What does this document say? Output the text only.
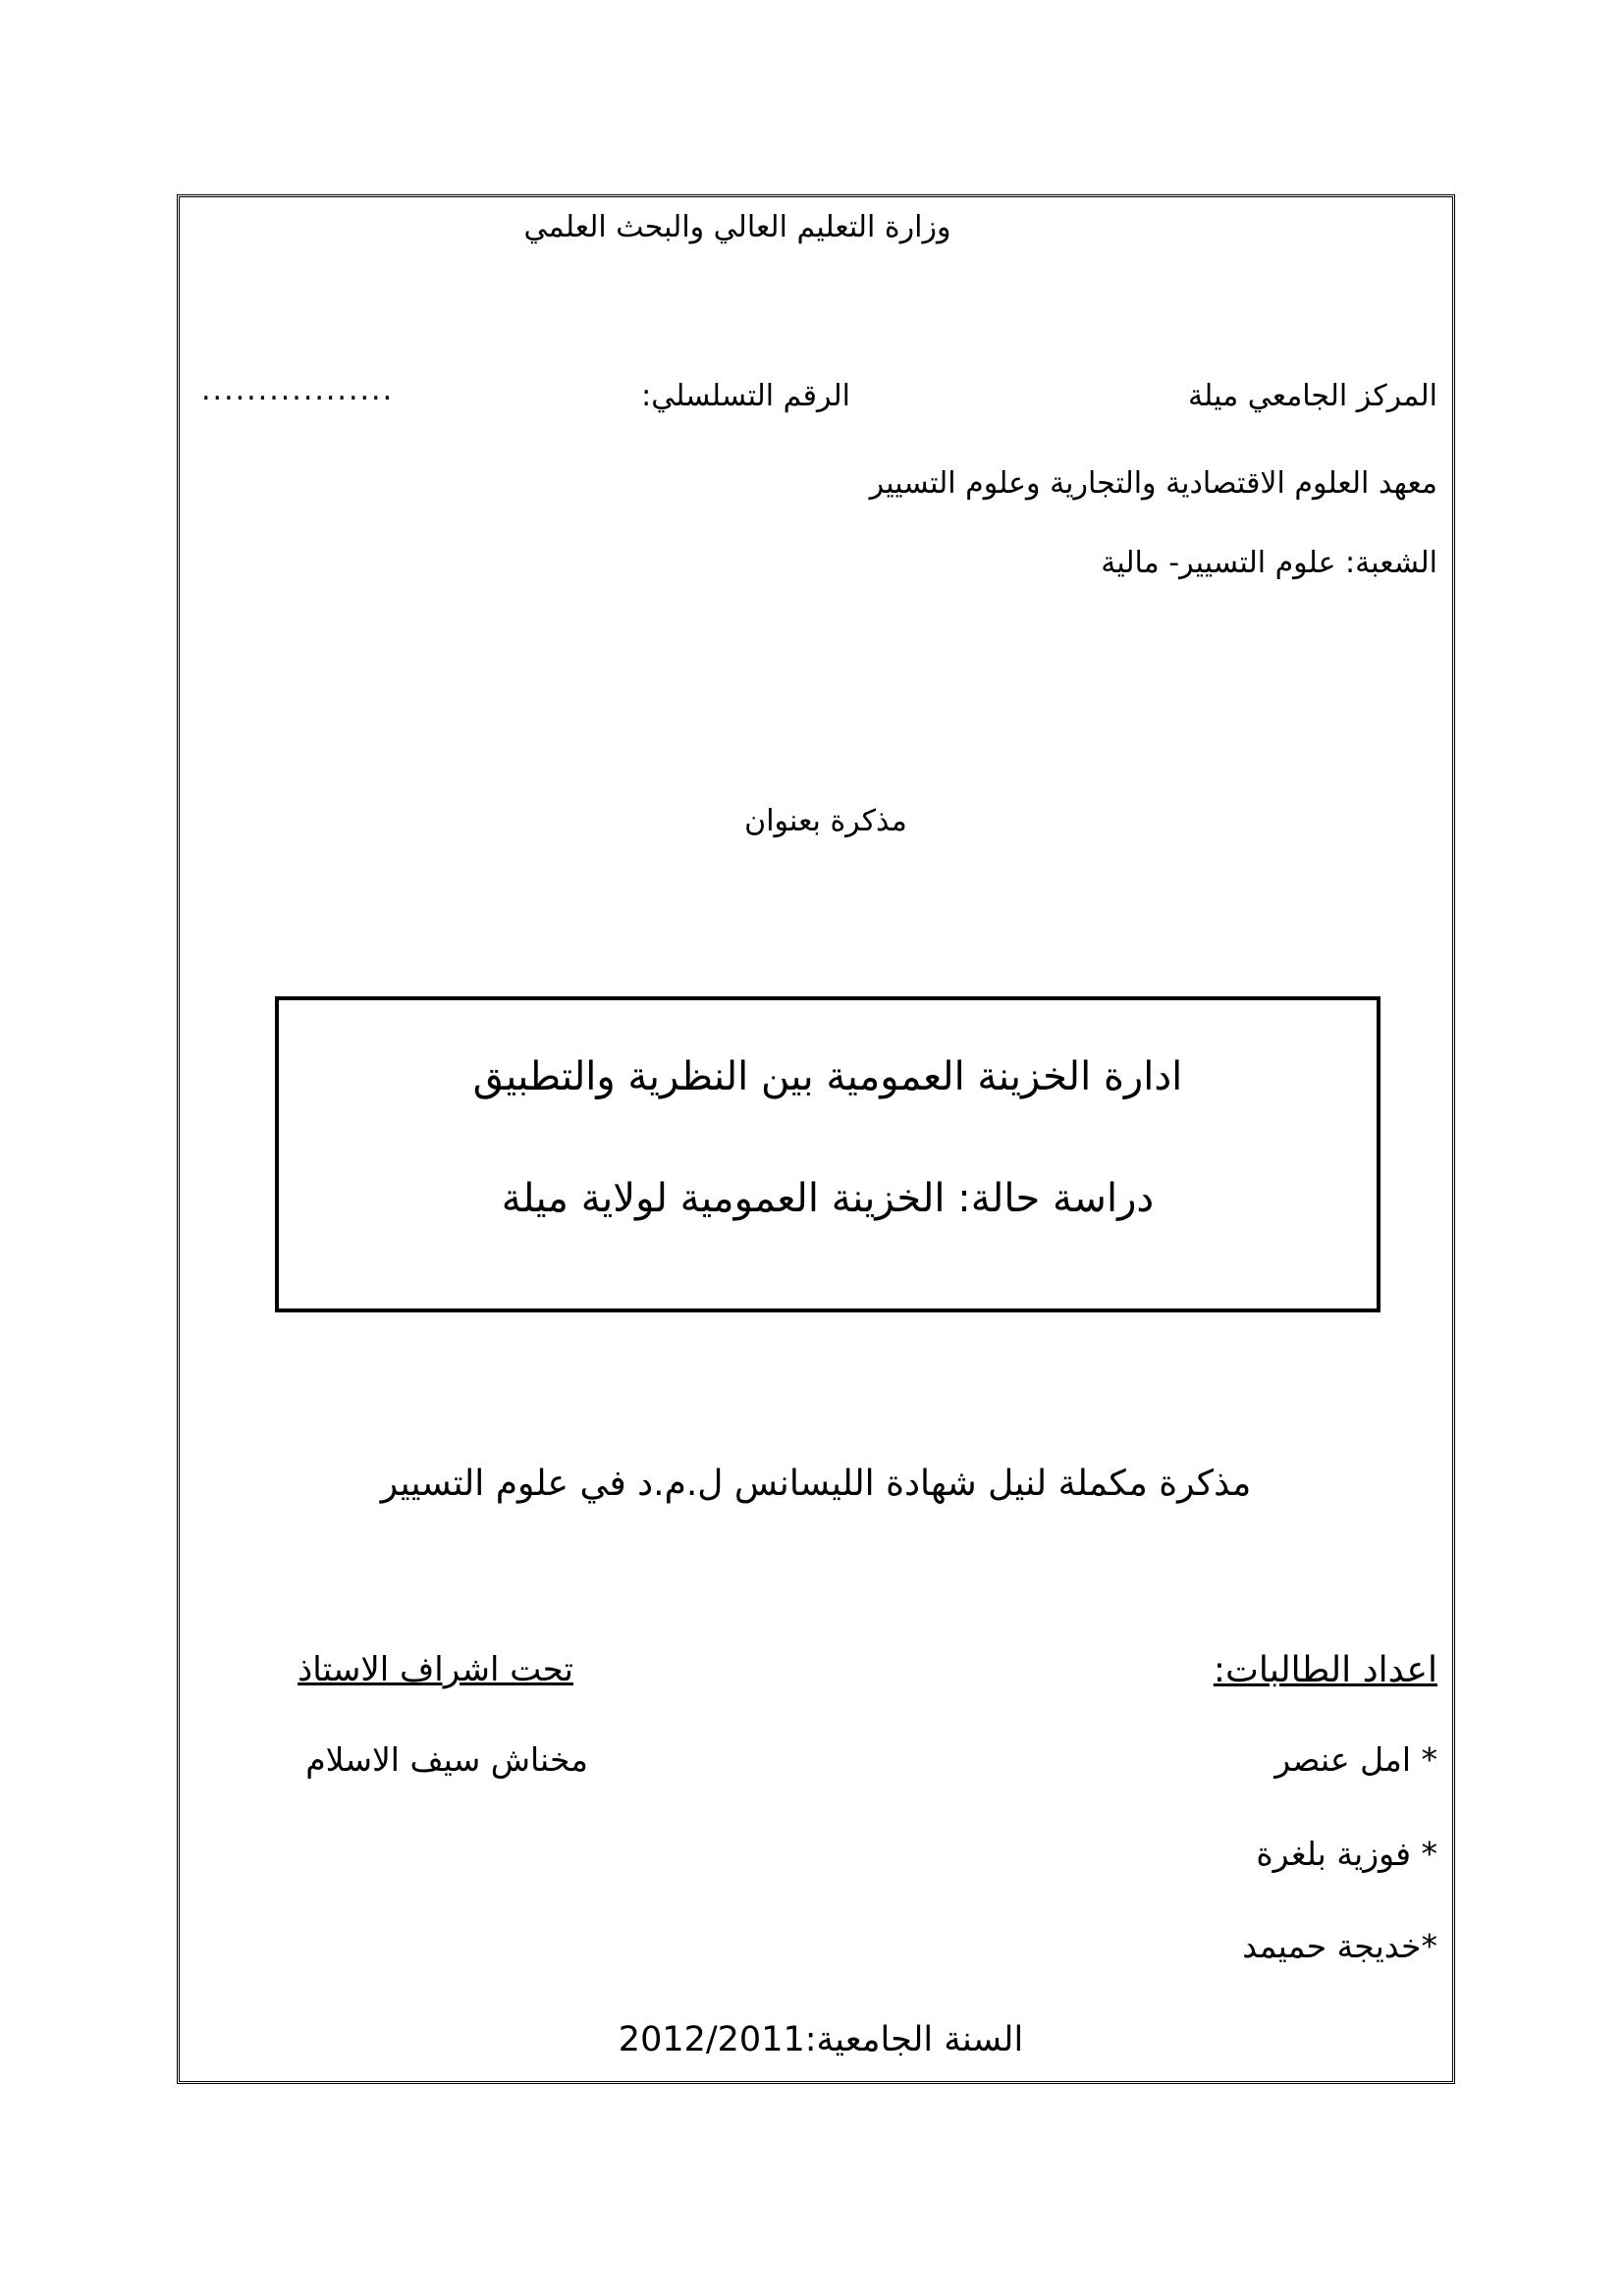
وزارة التعليم العالي والبحث العلمي
المركز الجامعي ميلة
الرقم التسلسلي:
.................
معهد العلوم الاقتصادية والتجارية وعلوم التسيير
الشعبة: علوم التسيير- مالية
مذكرة بعنوان
ادارة الخزينة العمومية بين النظرية والتطبيق
دراسة حالة: الخزينة العمومية لولاية ميلة
مذكرة مكملة لنيل شهادة الليسانس ل.م.د في علوم التسيير
اعداد الطالبات:
تحت اشراف الاستاذ
* امل عنصر
مخناش سيف الاسلام
* فوزية بلغرة
*خديجة حميمد
السنة الجامعية:2012/2011
